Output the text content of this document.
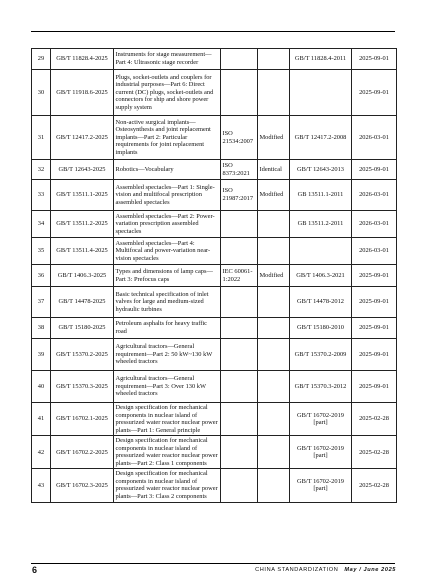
29	GB/T 11828.4-2025	Instruments for stage measurement—Part 4: Ultrasonic stage recorder			GB/T 11828.4-2011	2025-09-01
30	GB/T 11918.6-2025	Plugs, socket-outlets and couplers for industrial purposes—Part 6: Direct current (DC) plugs, socket-outlets and connectors for ship and shore power supply system				2025-09-01
31	GB/T 12417.2-2025	Non-active surgical implants—Osteosynthesis and joint replacement implants—Part 2: Particular requirements for joint replacement implants	ISO 21534:2007	Modified	GB/T 12417.2-2008	2026-03-01
32	GB/T 12643-2025	Robotics—Vocabulary	ISO 8373:2021	Identical	GB/T 12643-2013	2025-09-01
33	GB/T 13511.1-2025	Assembled spectacles—Part 1: Single-vision and multifocal prescription assembled spectacles	ISO 21987:2017	Modified	GB 13511.1-2011	2026-03-01
34	GB/T 13511.2-2025	Assembled spectacles—Part 2: Power-variation prescription assembled spectacles			GB 13511.2-2011	2026-03-01
35	GB/T 13511.4-2025	Assembled spectacles—Part 4: Multifocal and power-variation near-vision spectacles				2026-03-01
36	GB/T 1406.3-2025	Types and dimensions of lamp caps—Part 3: Prefocus caps	IEC 60061-1:2022	Modified	GB/T 1406.3-2021	2025-09-01
37	GB/T 14478-2025	Basic technical specification of inlet valves for large and medium-sized hydraulic turbines			GB/T 14478-2012	2025-09-01
38	GB/T 15180-2025	Petroleum asphalts for heavy traffic road			GB/T 15180-2010	2025-09-01
39	GB/T 15370.2-2025	Agricultural tractors—General requirement—Part 2: 50 kW~130 kW wheeled tractors			GB/T 15370.2-2009	2025-09-01
40	GB/T 15370.3-2025	Agricultural tractors—General requirement—Part 3: Over 130 kW wheeled tractors			GB/T 15370.3-2012	2025-09-01
41	GB/T 16702.1-2025	Design specification for mechanical components in nuclear island of pressurized water reactor nuclear power plants—Part 1: General principle			GB/T 16702-2019 [part]	2025-02-28
42	GB/T 16702.2-2025	Design specification for mechanical components in nuclear island of pressurized water reactor nuclear power plants—Part 2: Class 1 components			GB/T 16702-2019 [part]	2025-02-28
43	GB/T 16702.3-2025	Design specification for mechanical components in nuclear island of pressurized water reactor nuclear power plants—Part 3: Class 2 components			GB/T 16702-2019 [part]	2025-02-28
6	CHINA STANDARDIZATION May / June 2025
